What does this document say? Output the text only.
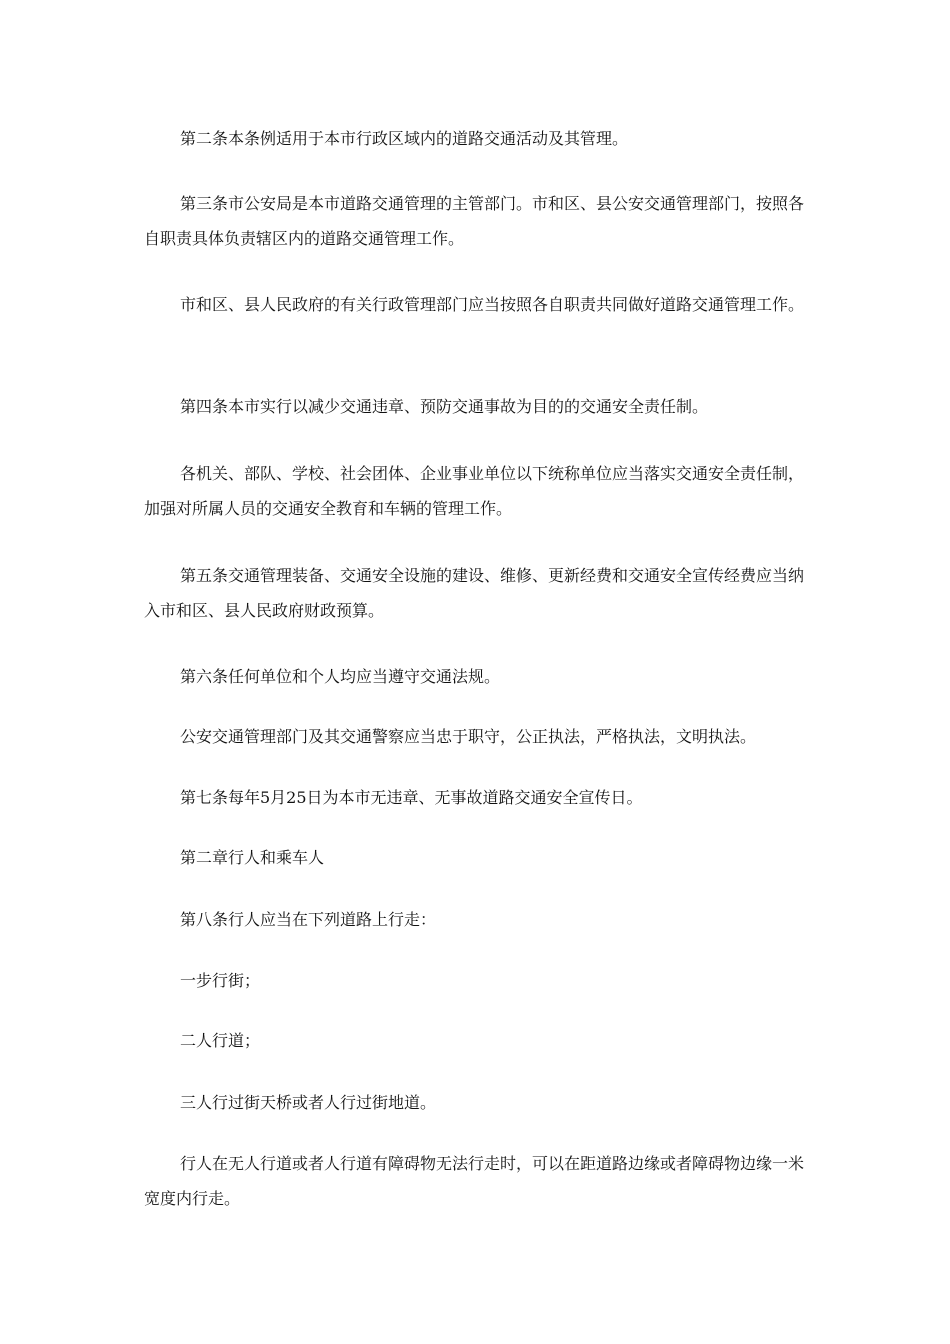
第二条本条例适用于本市行政区域内的道路交通活动及其管理。

第三条市公安局是本市道路交通管理的主管部门。市和区、县公安交通管理部门，按照各自职责具体负责辖区内的道路交通管理工作。

市和区、县人民政府的有关行政管理部门应当按照各自职责共同做好道路交通管理工作。

第四条本市实行以减少交通违章、预防交通事故为目的的交通安全责任制。

各机关、部队、学校、社会团体、企业事业单位以下统称单位应当落实交通安全责任制，加强对所属人员的交通安全教育和车辆的管理工作。

第五条交通管理装备、交通安全设施的建设、维修、更新经费和交通安全宣传经费应当纳入市和区、县人民政府财政预算。

第六条任何单位和个人均应当遵守交通法规。

公安交通管理部门及其交通警察应当忠于职守，公正执法，严格执法，文明执法。

第七条每年5月25日为本市无违章、无事故道路交通安全宣传日。

第二章行人和乘车人

第八条行人应当在下列道路上行走：

一步行街；

二人行道；

三人行过街天桥或者人行过街地道。

行人在无人行道或者人行道有障碍物无法行走时，可以在距道路边缘或者障碍物边缘一米宽度内行走。
